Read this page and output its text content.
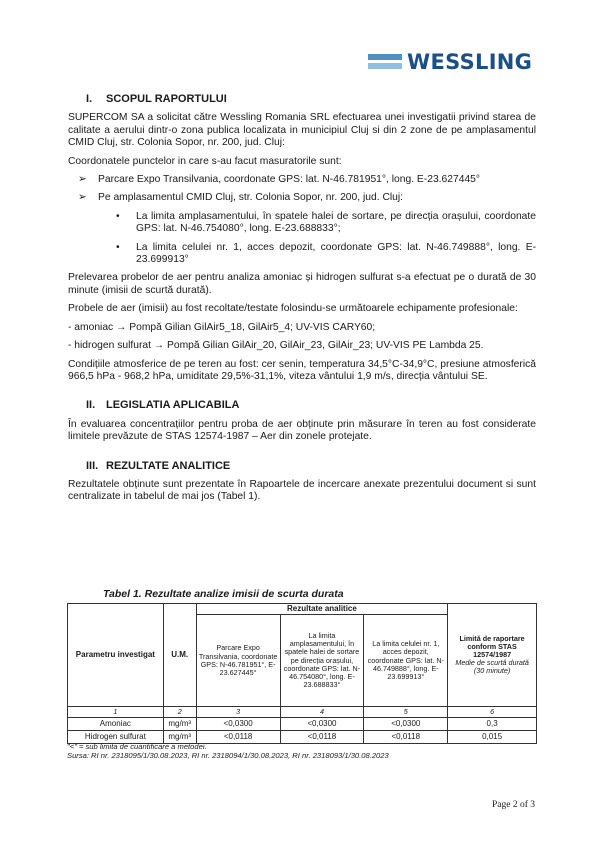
WESSLING
I. SCOPUL RAPORTULUI

SUPERCOM SA a solicitat către Wessling Romania SRL efectuarea unei investigatii privind starea de calitate a aerului dintr-o zona publica localizata in municipiul Cluj si din 2 zone de pe amplasamentul CMID Cluj, str. Colonia Sopor, nr. 200, jud. Cluj:

Coordonatele punctelor in care s-au facut masuratorile sunt:

➢ Parcare Expo Transilvania, coordonate GPS: lat. N-46.781951°, long. E-23.627445°
➢ Pe amplasamentul CMID Cluj, str. Colonia Sopor, nr. 200, jud. Cluj:
• La limita amplasamentului, în spatele halei de sortare, pe direcția orașului, coordonate GPS: lat. N-46.754080°, long. E-23.688833°;
• La limita celulei nr. 1, acces depozit, coordonate GPS: lat. N-46.749888°, long. E-23.699913°

Prelevarea probelor de aer pentru analiza amoniac și hidrogen sulfurat s-a efectuat pe o durată de 30 minute (imisii de scurtă durată).

Probele de aer (imisii) au fost recoltate/testate folosindu-se următoarele echipamente profesionale:

- amoniac → Pompă Gilian GilAir5_18, GilAir5_4; UV-VIS CARY60;

- hidrogen sulfurat → Pompă Gilian GilAir_20, GilAir_23, GilAir_23; UV-VIS PE Lambda 25.

Condițiile atmosferice de pe teren au fost: cer senin, temperatura 34,5°C-34,9°C, presiune atmosferică 966,5 hPa - 968,2 hPa, umiditate 29,5%-31,1%, viteza vântului 1,9 m/s, direcția vântului SE.

II. LEGISLATIA APLICABILA

În evaluarea concentrațiilor pentru proba de aer obținute prin măsurare în teren au fost considerate limitele prevăzute de STAS 12574-1987 – Aer din zonele protejate.

III. REZULTATE ANALITICE

Rezultatele obținute sunt prezentate în Rapoartele de incercare anexate prezentului document si sunt centralizate in tabelul de mai jos (Tabel 1).

Tabel 1. Rezultate analize imisii de scurta durata
Parametru investigat	U.M.	Rezultate analitice			Limită de raportare conform STAS 12574/1987
Medie de scurtă durată (30 minute)

		Parcare Expo Transilvania, coordonate GPS: N-46.781951°, E-23.627445°	La limita amplasamentului, în spatele halei de sortare pe direcția orașului, coordonate GPS: lat. N-46.754080°, long. E-23.688833°	La limita celulei nr. 1, acces depozit, coordonate GPS: lat. N-46.749888°, long. E-23.699913°	
1	2	3	4	5	6
Amoniac	mg/m³	<0,0300	<0,0300	<0,0300	0,3
Hidrogen sulfurat	mg/m³	<0,0118	<0,0118	<0,0118	0,015
"<" = sub limita de cuantificare a metodei.
Sursa: RI nr. 2318095/1/30.08.2023, RI nr. 2318094/1/30.08.2023, RI nr. 2318093/1/30.08.2023
Page 2 of 3
